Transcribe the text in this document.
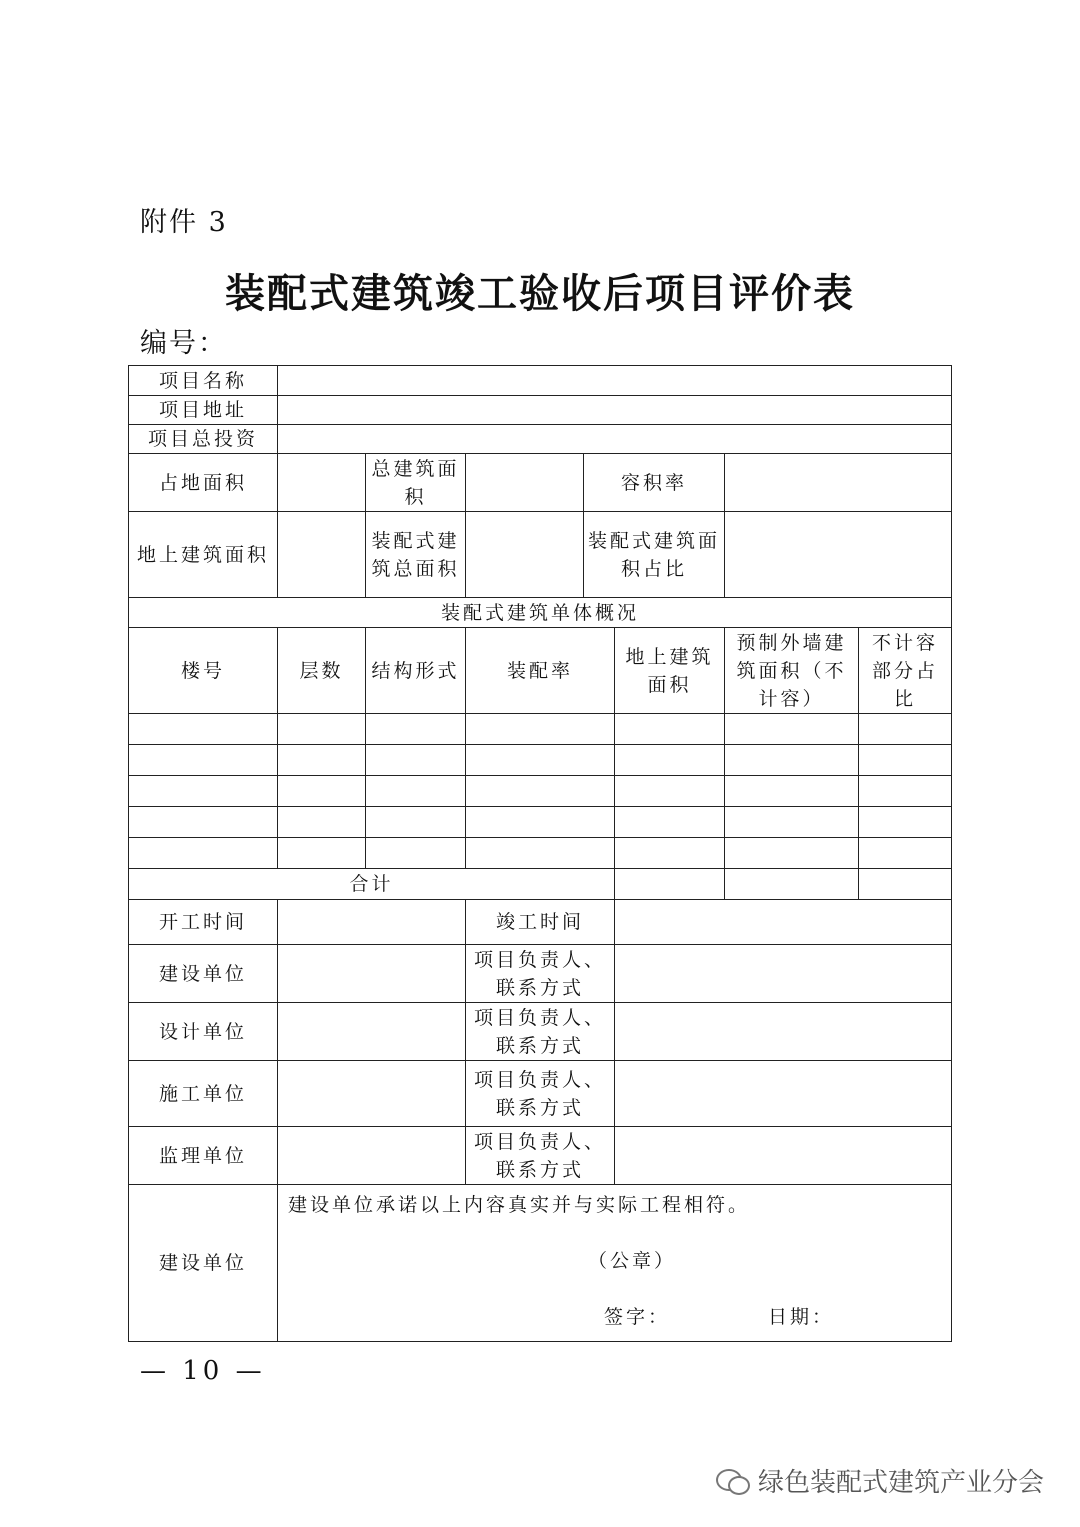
附件 3
装配式建筑竣工验收后项目评价表
编号：
项目名称							
项目地址							
项目总投资							
占地面积		总建筑面积		容积率			
地上建筑面积		装配式建筑总面积		装配式建筑面积占比			
装配式建筑单体概况							
楼号	层数	结构形式	装配率		地上建筑面积	预制外墙建筑面积（不计容）	不计容部分占比

合计							
开工时间			竣工时间				
建设单位			项目负责人、联系方式				
设计单位			项目负责人、联系方式				
施工单位			项目负责人、联系方式				
监理单位			项目负责人、联系方式				
建设单位	建设单位承诺以上内容真实并与实际工程相符。
（公章）
签字： 日期：						
— 10 —
绿色装配式建筑产业分会
